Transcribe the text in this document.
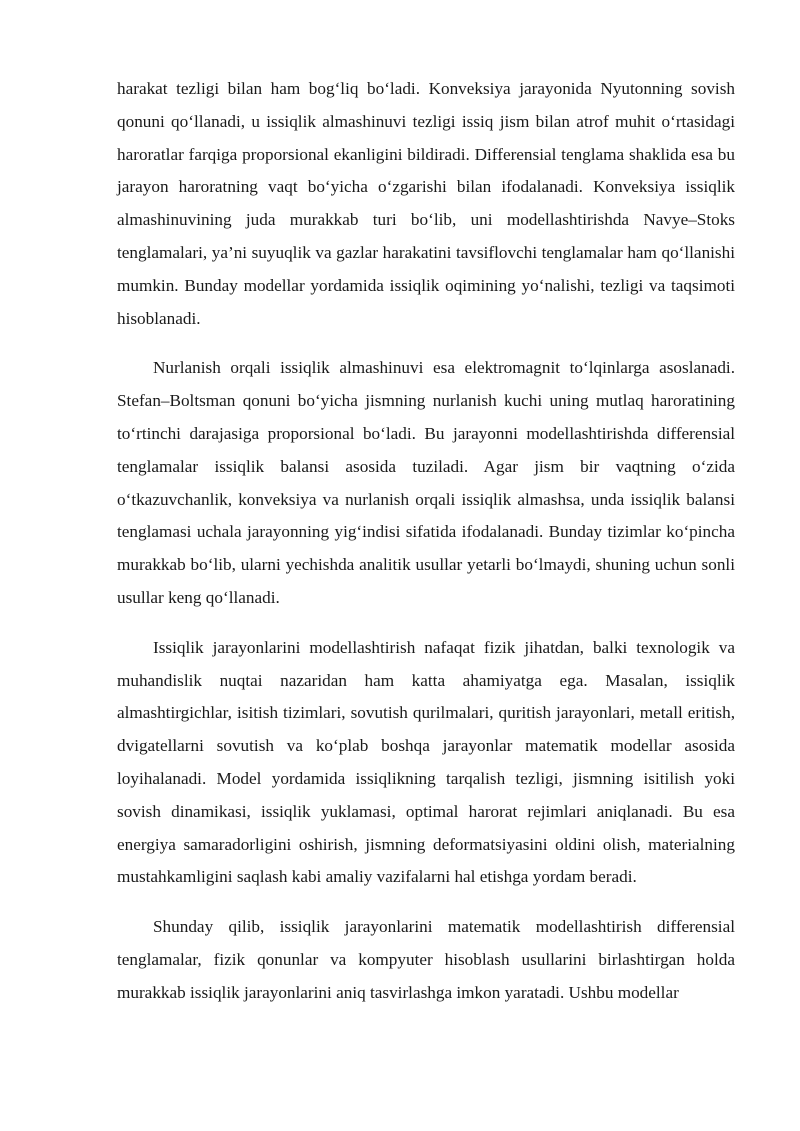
harakat tezligi bilan ham bog‘liq bo‘ladi. Konveksiya jarayonida Nyutonning sovish qonuni qo‘llanadi, u issiqlik almashinuvi tezligi issiq jism bilan atrof muhit o‘rtasidagi haroratlar farqiga proporsional ekanligini bildiradi. Differensial tenglama shaklida esa bu jarayon haroratning vaqt bo‘yicha o‘zgarishi bilan ifodalanadi. Konveksiya issiqlik almashinuvining juda murakkab turi bo‘lib, uni modellashtirishda Navye–Stoks tenglamalari, ya’ni suyuqlik va gazlar harakatini tavsiflovchi tenglamalar ham qo‘llanishi mumkin. Bunday modellar yordamida issiqlik oqimining yo‘nalishi, tezligi va taqsimoti hisoblanadi.

Nurlanish orqali issiqlik almashinuvi esa elektromagnit to‘lqinlarga asoslanadi. Stefan–Boltsman qonuni bo‘yicha jismning nurlanish kuchi uning mutlaq haroratining to‘rtinchi darajasiga proporsional bo‘ladi. Bu jarayonni modellashtirishda differensial tenglamalar issiqlik balansi asosida tuziladi. Agar jism bir vaqtning o‘zida o‘tkazuvchanlik, konveksiya va nurlanish orqali issiqlik almashsa, unda issiqlik balansi tenglamasi uchala jarayonning yig‘indisi sifatida ifodalanadi. Bunday tizimlar ko‘pincha murakkab bo‘lib, ularni yechishda analitik usullar yetarli bo‘lmaydi, shuning uchun sonli usullar keng qo‘llanadi.

Issiqlik jarayonlarini modellashtirish nafaqat fizik jihatdan, balki texnologik va muhandislik nuqtai nazaridan ham katta ahamiyatga ega. Masalan, issiqlik almashtirgichlar, isitish tizimlari, sovutish qurilmalari, quritish jarayonlari, metall eritish, dvigatellarni sovutish va ko‘plab boshqa jarayonlar matematik modellar asosida loyihalanadi. Model yordamida issiqlikning tarqalish tezligi, jismning isitilish yoki sovish dinamikasi, issiqlik yuklamasi, optimal harorat rejimlari aniqlanadi. Bu esa energiya samaradorligini oshirish, jismning deformatsiyasini oldini olish, materialning mustahkamligini saqlash kabi amaliy vazifalarni hal etishga yordam beradi.

Shunday qilib, issiqlik jarayonlarini matematik modellashtirish differensial tenglamalar, fizik qonunlar va kompyuter hisoblash usullarini birlashtirgan holda murakkab issiqlik jarayonlarini aniq tasvirlashga imkon yaratadi. Ushbu modellar
